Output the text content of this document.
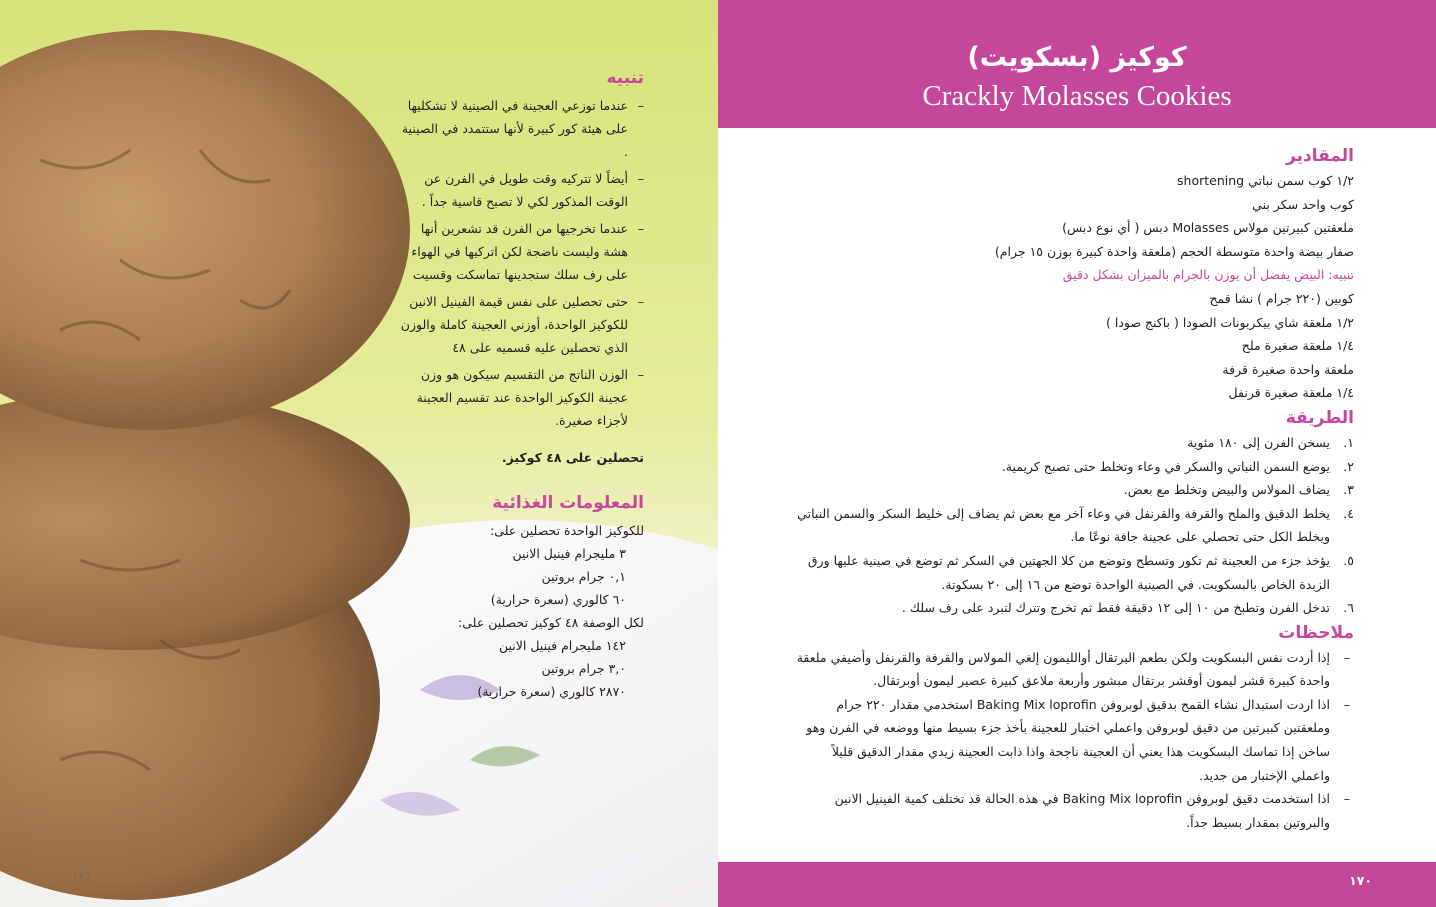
تنبيه
– عندما توزعي العجينة في الصينية لا تشكليها على هيئة كور كبيرة لأنها ستتمدد في الصينية .
– أيضاً لا تتركيه وقت طويل في الفرن عن الوقت المذكور لكي لا تصبح قاسية جداً .
– عندما تخرجيها من الفرن قد تشعرين أنها هشة وليست ناضجة لكن اتركيها في الهواء على رف سلك ستجدينها تماسكت وقسيت
– حتى تحصلين على نفس قيمة الفينيل الانين للكوكيز الواحدة، أوزني العجينة كاملة والوزن الذي تحصلين عليه قسميه على ٤٨
– الوزن الناتج من التقسيم سيكون هو وزن عجينة الكوكيز الواحدة عند تقسيم العجينة لأجزاء صغيرة.
تحصلين على ٤٨ كوكيز.
المعلومات الغذائية
للكوكيز الواحدة تحصلين على:
٣ مليجرام فينيل الانين
٠,١ جرام بروتين
٦٠ كالوري (سعرة حرارية)
لكل الوصفة ٤٨ كوكيز تحصلين على:
١٤٢ مليجرام فينيل الانين
٣,٠ جرام بروتين
٢٨٧٠ كالوري (سعرة حرارية)
١٧١
كوكيز (بسكويت)
Crackly Molasses Cookies
المقادير
١/٢ كوب سمن نباتي shortening
كوب واحد سكر بني
ملعقتين كبيرتين مولاس Molasses دبس ( أي نوع دبس)
صفار بيضة واحدة متوسطة الحجم (ملعقة واحدة كبيرة بوزن ١٥ جرام)
تنبيه: البيض يفضل أن يوزن بالجرام بالميزان بشكل دقيق
كوبين (٢٢٠ جرام ) نشا قمح
١/٢ ملعقة شاي بيكربونات الصودا ( باكنج صودا )
١/٤ ملعقة صغيرة ملح
ملعقة واحدة صغيرة قرفة
١/٤ ملعقة صغيرة قرنفل
الطريقة
١.
يسخن الفرن إلى ١٨٠ مئوية
٢.
يوضع السمن النباتي والسكر في وعاء وتخلط حتى تصبح كريمية.
٣.
يضاف المولاس والبيض وتخلط مع بعض.
٤.
يخلط الدقيق والملح والقرفة والقرنفل في وعاء آخر مع بعض ثم يضاف إلى خليط السكر والسمن النباتي ويخلط الكل حتى تحصلي على عجينة جافة نوعًا ما.
٥.
يؤخذ جزء من العجينة ثم تكور وتسطح وتوضع من كلا الجهتين في السكر ثم توضع في صينية عليها ورق الزبدة الخاص بالبسكويت. في الصينية الواحدة توضع من ١٦ إلى ٢٠ بسكوتة.
٦.
تدخل الفرن وتطبخ من ١٠ إلى ١٢ دقيقة فقط ثم تخرج وتترك لتبرد على رف سلك .
ملاحظات
– إذا أردت نفس البسكويت ولكن بطعم البرتقال أوالليمون إلغي المولاس والقرفة والقرنفل وأضيفي ملعقة واحدة كبيرة قشر ليمون أوقشر برتقال مبشور وأربعة ملاعق كبيرة عصير ليمون أوبرتقال.
– اذا اردت استبدال نشاء القمح بدقيق لوبروفن Baking Mix loprofin استخدمي مقدار ٢٢٠ جرام وملعقتين كبيرتين من دقيق لوبروفن واعملي اختبار للعجينة بأخذ جزء بسيط منها ووضعه في الفرن وهو ساخن إذا تماسك البسكويت هذا يعني أن العجينة ناجحة واذا ذابت العجينة زيدي مقدار الدقيق قليلاً واعملي الإختبار من جديد.
– اذا استخدمت دقيق لوبروفن Baking Mix loprofin في هذه الحالة قد تختلف كمية الفينيل الانين والبروتين بمقدار بسيط جداً.
١٧٠
